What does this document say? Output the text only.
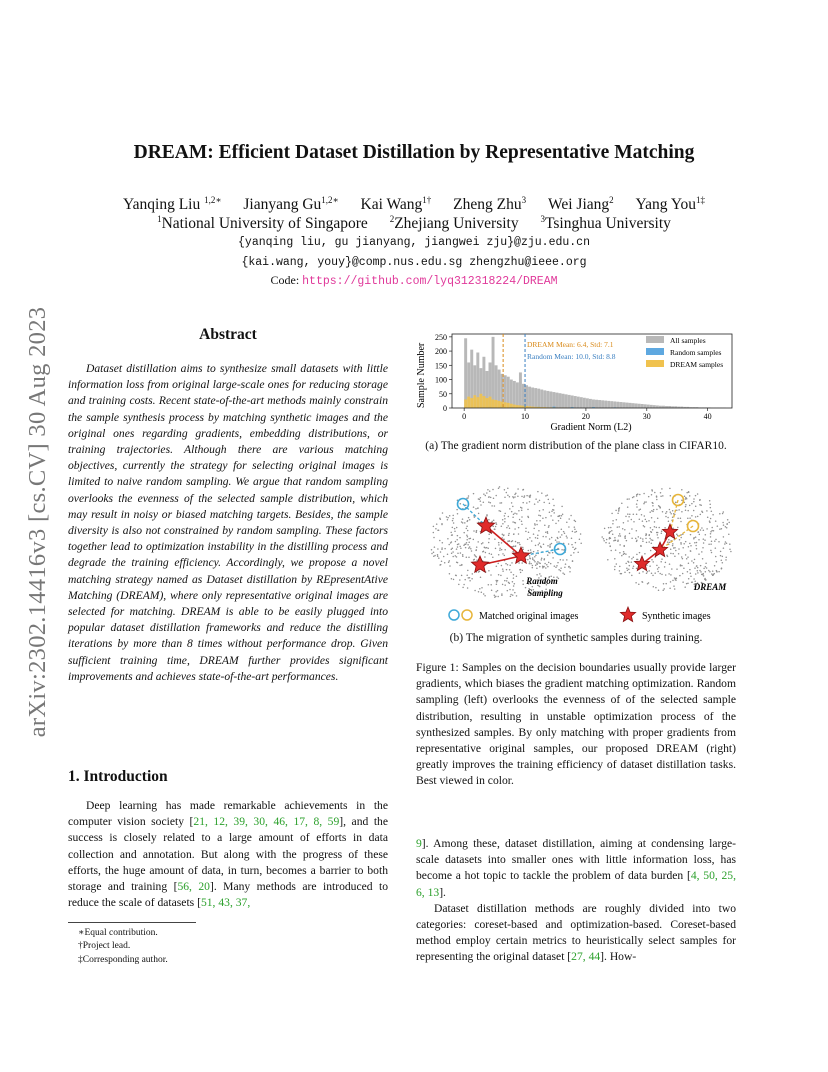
arXiv:2302.14416v3 [cs.CV] 30 Aug 2023
DREAM: Efficient Dataset Distillation by Representative Matching
Yanqing Liu $^{1,2∗}$ Jianyang $Gu^{1,2∗}$ Kai Wang$^{1\dagger}$ Zheng Zhu$^3$ Wei Jiang$^2$ Yang You$^{1\ddagger}$
$^1$National University of Singapore $^2$Zhejiang University $^3$Tsinghua University
{yanqing liu, gu jianyang, jiangwei zju}@zju.edu.cn
{kai.wang, youy}@comp.nus.edu.sg zhengzhu@ieee.org
Code: https://github.com/lyq312318224/DREAM
Abstract
Dataset distillation aims to synthesize small datasets with little information loss from original large-scale ones for reducing storage and training costs. Recent state-of-the-art methods mainly constrain the sample synthesis process by matching synthetic images and the original ones regarding gradients, embedding distributions, or training trajectories. Although there are various matching objectives, currently the strategy for selecting original images is limited to naive random sampling. We argue that random sampling overlooks the evenness of the selected sample distribution, which may result in noisy or biased matching targets. Besides, the sample diversity is also not constrained by random sampling. These factors together lead to optimization instability in the distilling process and degrade the training efficiency. Accordingly, we propose a novel matching strategy named as Dataset distillation by REpresentAtive Matching (DREAM), where only representative original images are selected for matching. DREAM is able to be easily plugged into popular dataset distillation frameworks and reduce the distilling iterations by more than 8 times without performance drop. Given sufficient training time, DREAM further provides significant improvements and achieves state-of-the-art performances.
1. Introduction
Deep learning has made remarkable achievements in the computer vision society [21, 12, 39, 30, 46, 17, 8, 59], and the success is closely related to a large amount of efforts in data collection and annotation. But along with the progress of these efforts, the huge amount of data, in turn, becomes a barrier to both storage and training [56, 20]. Many methods are introduced to reduce the scale of datasets [51, 43, 37,
∗Equal contribution.
†Project lead.
‡Corresponding author.
0	10	20	30	40
0
50
100
150
200
250
Sample Number
Gradient Norm (L2)
DREAM Mean: 6.4, Std: 7.1
Random Mean: 10.0, Std: 8.8
All samples
Random samples
DREAM samples
(a) The gradient norm distribution of the plane class in CIFAR10.
Random
Sampling
DREAM
Matched original images	Synthetic images
(b) The migration of synthetic samples during training.
Figure 1: Samples on the decision boundaries usually provide larger gradients, which biases the gradient matching optimization. Random sampling (left) overlooks the evenness of of the selected sample distribution, resulting in unstable optimization process of the synthesized samples. By only matching with proper gradients from representative original samples, our proposed DREAM (right) greatly improves the training efficiency of dataset distillation tasks. Best viewed in color.
9]. Among these, dataset distillation, aiming at condensing large-scale datasets into smaller ones with little information loss, has become a hot topic to tackle the problem of data burden [4, 50, 25, 6, 13].
Dataset distillation methods are roughly divided into two categories: coreset-based and optimization-based. Coreset-based method employ certain metrics to heuristically select samples for representing the original dataset [27, 44]. How-
